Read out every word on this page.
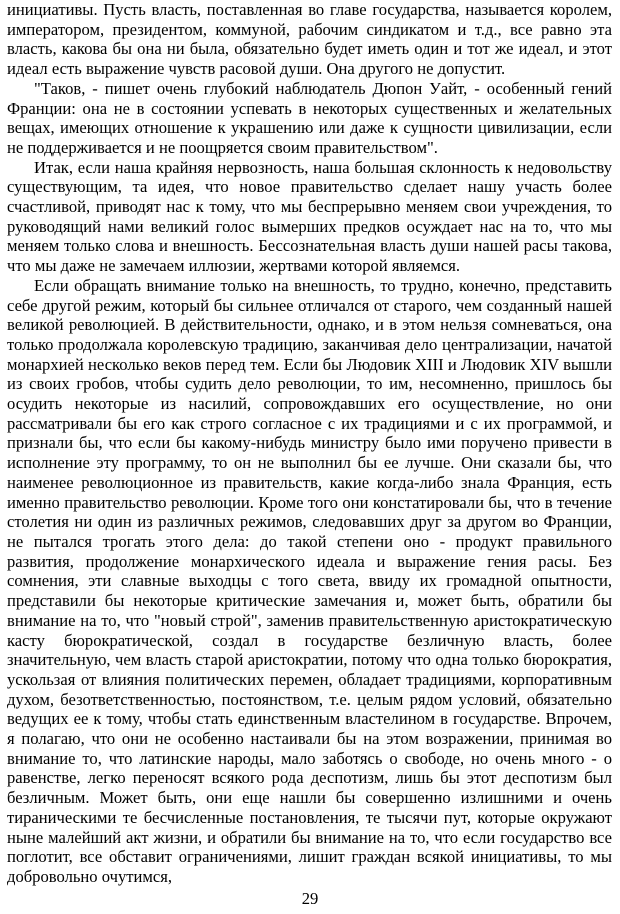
инициативы. Пусть власть, поставленная во главе государства, называется королем, императором, президентом, коммуной, рабочим синдикатом и т.д., все равно эта власть, какова бы она ни была, обязательно будет иметь один и тот же идеал, и этот идеал есть выражение чувств расовой души. Она другого не допустит.

"Таков, - пишет очень глубокий наблюдатель Дюпон Уайт, - особенный гений Франции: она не в состоянии успевать в некоторых существенных и желательных вещах, имеющих отношение к украшению или даже к сущности цивилизации, если не поддерживается и не поощряется своим правительством".

Итак, если наша крайняя нервозность, наша большая склонность к недовольству существующим, та идея, что новое правительство сделает нашу участь более счастливой, приводят нас к тому, что мы беспрерывно меняем свои учреждения, то руководящий нами великий голос вымерших предков осуждает нас на то, что мы меняем только слова и внешность. Бессознательная власть души нашей расы такова, что мы даже не замечаем иллюзии, жертвами которой являемся.

Если обращать внимание только на внешность, то трудно, конечно, представить себе другой режим, который бы сильнее отличался от старого, чем созданный нашей великой революцией. В действительности, однако, и в этом нельзя сомневаться, она только продолжала королевскую традицию, заканчивая дело централизации, начатой монархией несколько веков перед тем. Если бы Людовик XIII и Людовик XIV вышли из своих гробов, чтобы судить дело революции, то им, несомненно, пришлось бы осудить некоторые из насилий, сопровождавших его осуществление, но они рассматривали бы его как строго согласное с их традициями и с их программой, и признали бы, что если бы какому-нибудь министру было ими поручено привести в исполнение эту программу, то он не выполнил бы ее лучше. Они сказали бы, что наименее революционное из правительств, какие когда-либо знала Франция, есть именно правительство революции. Кроме того они констатировали бы, что в течение столетия ни один из различных режимов, следовавших друг за другом во Франции, не пытался трогать этого дела: до такой степени оно - продукт правильного развития, продолжение монархического идеала и выражение гения расы. Без сомнения, эти славные выходцы с того света, ввиду их громадной опытности, представили бы некоторые критические замечания и, может быть, обратили бы внимание на то, что "новый строй", заменив правительственную аристократическую касту бюрократической, создал в государстве безличную власть, более значительную, чем власть старой аристократии, потому что одна только бюрократия, ускользая от влияния политических перемен, обладает традициями, корпоративным духом, безответственностью, постоянством, т.е. целым рядом условий, обязательно ведущих ее к тому, чтобы стать единственным властелином в государстве. Впрочем, я полагаю, что они не особенно настаивали бы на этом возражении, принимая во внимание то, что латинские народы, мало заботясь о свободе, но очень много - о равенстве, легко переносят всякого рода деспотизм, лишь бы этот деспотизм был безличным. Может быть, они еще нашли бы совершенно излишними и очень тираническими те бесчисленные постановления, те тысячи пут, которые окружают ныне малейший акт жизни, и обратили бы внимание на то, что если государство все поглотит, все обставит ограничениями, лишит граждан всякой инициативы, то мы добровольно очутимся,

29
